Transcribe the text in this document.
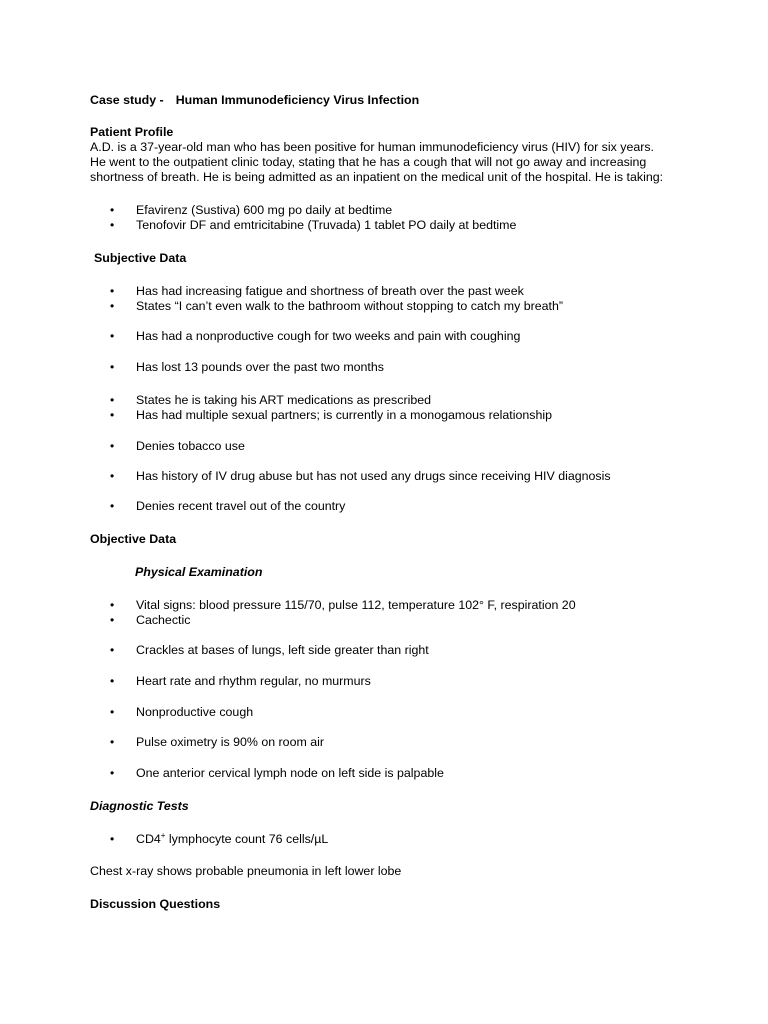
Case study - Human Immunodeficiency Virus Infection
Patient Profile
A.D. is a 37-year-old man who has been positive for human immunodeficiency virus (HIV) for six years.
He went to the outpatient clinic today, stating that he has a cough that will not go away and increasing
shortness of breath. He is being admitted as an inpatient on the medical unit of the hospital. He is taking:
•	Efavirenz (Sustiva) 600 mg po daily at bedtime
•	Tenofovir DF and emtricitabine (Truvada) 1 tablet PO daily at bedtime
Subjective Data
•	Has had increasing fatigue and shortness of breath over the past week
•	States “I can’t even walk to the bathroom without stopping to catch my breath”
•	Has had a nonproductive cough for two weeks and pain with coughing
•	Has lost 13 pounds over the past two months
•	States he is taking his ART medications as prescribed
•	Has had multiple sexual partners; is currently in a monogamous relationship
•	Denies tobacco use
•	Has history of IV drug abuse but has not used any drugs since receiving HIV diagnosis
•	Denies recent travel out of the country
Objective Data
Physical Examination
•	Vital signs: blood pressure 115/70, pulse 112, temperature 102° F, respiration 20
•	Cachectic
•	Crackles at bases of lungs, left side greater than right
•	Heart rate and rhythm regular, no murmurs
•	Nonproductive cough
•	Pulse oximetry is 90% on room air
•	One anterior cervical lymph node on left side is palpable
Diagnostic Tests
•	CD4+ lymphocyte count 76 cells/µL
Chest x-ray shows probable pneumonia in left lower lobe
Discussion Questions
